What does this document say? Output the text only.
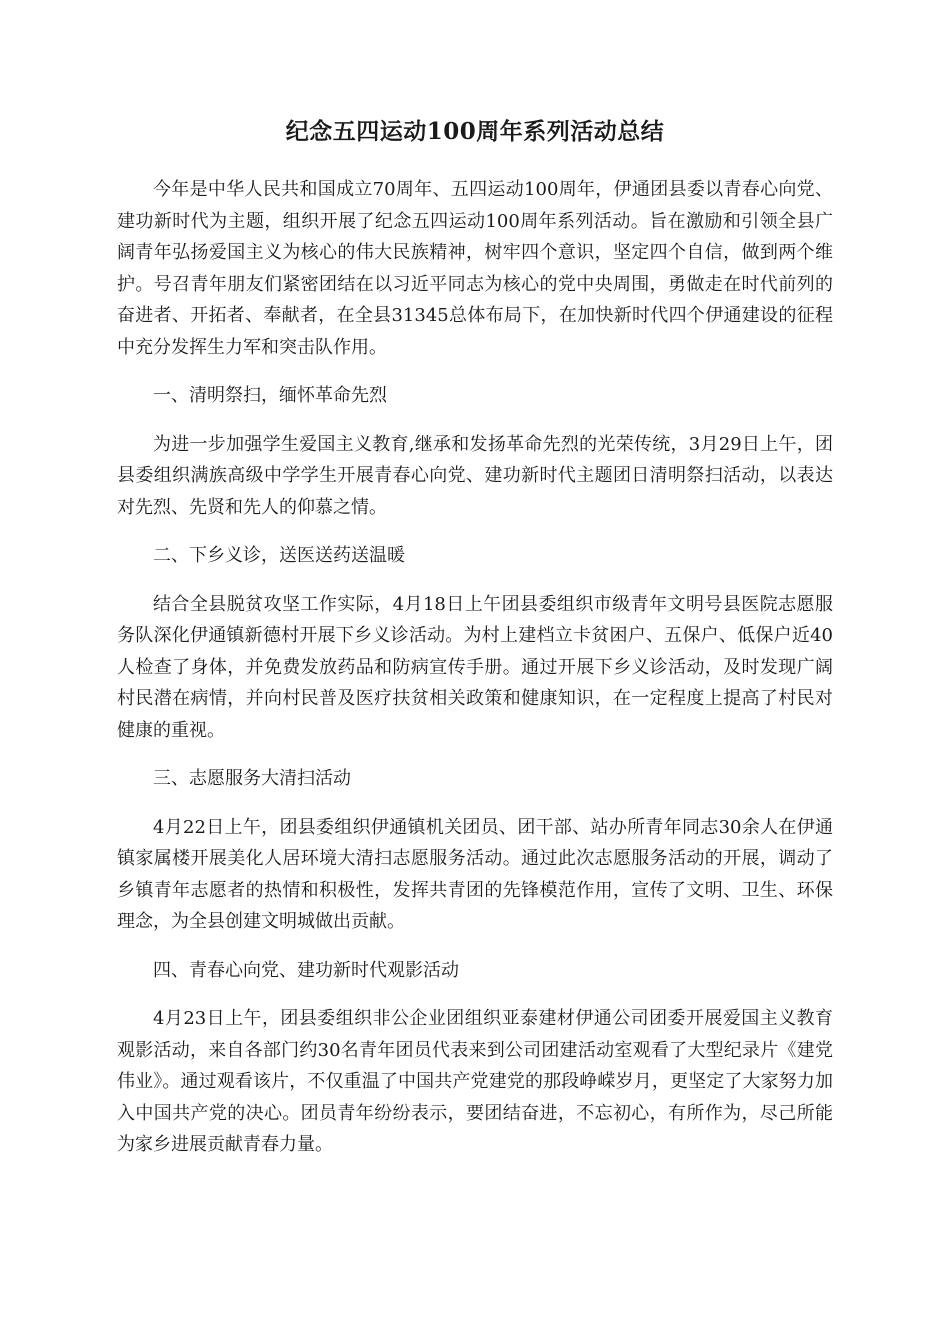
纪念五四运动100周年系列活动总结

今年是中华人民共和国成立70周年、五四运动100周年，伊通团县委以青春心向党、建功新时代为主题，组织开展了纪念五四运动100周年系列活动。旨在激励和引领全县广阔青年弘扬爱国主义为核心的伟大民族精神，树牢四个意识，坚定四个自信，做到两个维护。号召青年朋友们紧密团结在以习近平同志为核心的党中央周围，勇做走在时代前列的奋进者、开拓者、奉献者，在全县31345总体布局下，在加快新时代四个伊通建设的征程中充分发挥生力军和突击队作用。

一、清明祭扫，缅怀革命先烈

为进一步加强学生爱国主义教育,继承和发扬革命先烈的光荣传统，3月29日上午，团县委组织满族高级中学学生开展青春心向党、建功新时代主题团日清明祭扫活动，以表达对先烈、先贤和先人的仰慕之情。

二、下乡义诊，送医送药送温暖

结合全县脱贫攻坚工作实际，4月18日上午团县委组织市级青年文明号县医院志愿服务队深化伊通镇新德村开展下乡义诊活动。为村上建档立卡贫困户、五保户、低保户近40人检查了身体，并免费发放药品和防病宣传手册。通过开展下乡义诊活动，及时发现广阔村民潜在病情，并向村民普及医疗扶贫相关政策和健康知识，在一定程度上提高了村民对健康的重视。

三、志愿服务大清扫活动

4月22日上午，团县委组织伊通镇机关团员、团干部、站办所青年同志30余人在伊通镇家属楼开展美化人居环境大清扫志愿服务活动。通过此次志愿服务活动的开展，调动了乡镇青年志愿者的热情和积极性，发挥共青团的先锋模范作用，宣传了文明、卫生、环保理念，为全县创建文明城做出贡献。

四、青春心向党、建功新时代观影活动

4月23日上午，团县委组织非公企业团组织亚泰建材伊通公司团委开展爱国主义教育观影活动，来自各部门约30名青年团员代表来到公司团建活动室观看了大型纪录片《建党伟业》。通过观看该片，不仅重温了中国共产党建党的那段峥嵘岁月，更坚定了大家努力加入中国共产党的决心。团员青年纷纷表示，要团结奋进，不忘初心，有所作为，尽己所能为家乡进展贡献青春力量。
